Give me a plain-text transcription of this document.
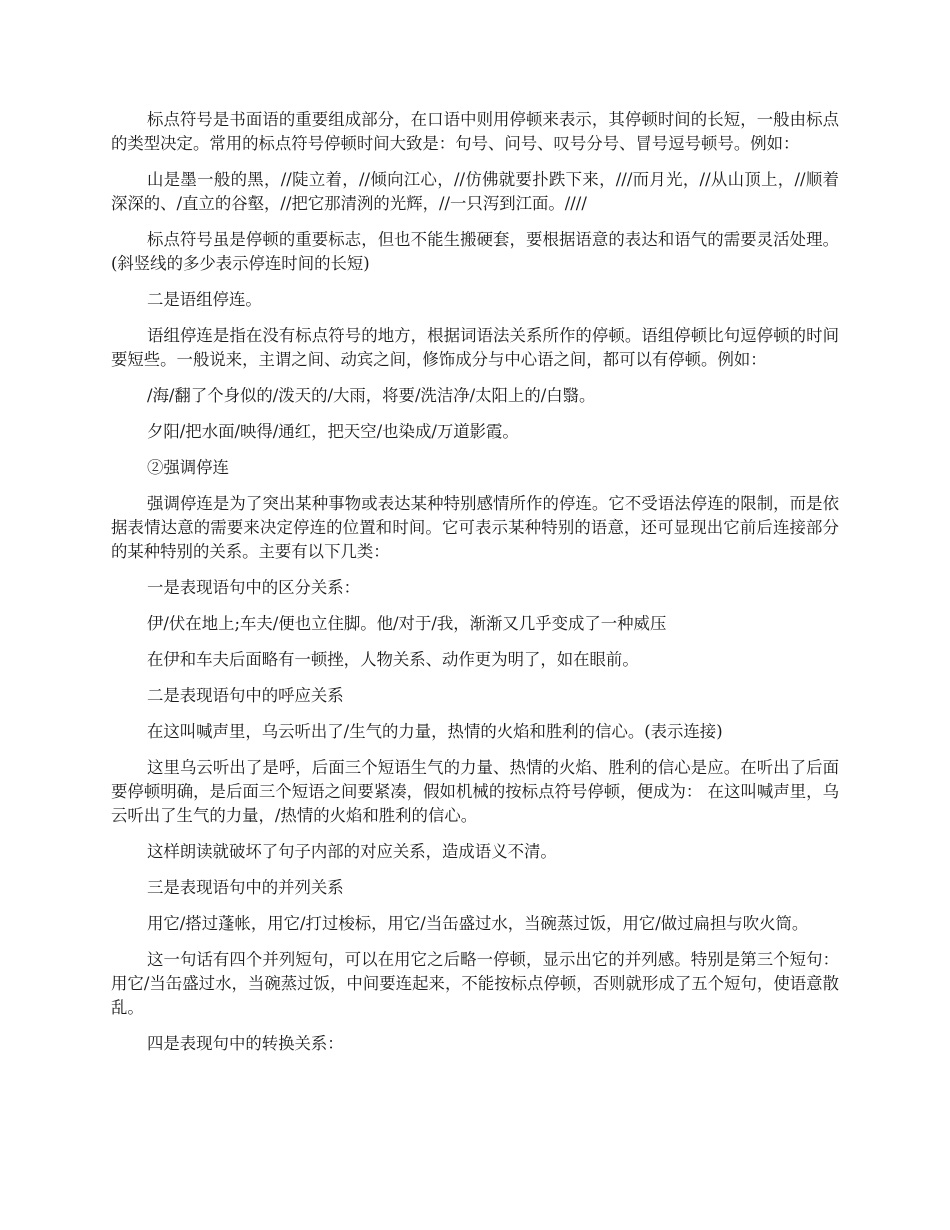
标点符号是书面语的重要组成部分，在口语中则用停顿来表示，其停顿时间的长短，一般由标点的类型决定。常用的标点符号停顿时间大致是：句号、问号、叹号分号、冒号逗号顿号。例如：

山是墨一般的黑，//陡立着，//倾向江心，//仿佛就要扑跌下来，///而月光，//从山顶上，//顺着深深的、/直立的谷壑，//把它那清洌的光辉，//一只泻到江面。////

标点符号虽是停顿的重要标志，但也不能生搬硬套，要根据语意的表达和语气的需要灵活处理。(斜竖线的多少表示停连时间的长短)

二是语组停连。

语组停连是指在没有标点符号的地方，根据词语法关系所作的停顿。语组停顿比句逗停顿的时间要短些。一般说来，主谓之间、动宾之间，修饰成分与中心语之间，都可以有停顿。例如：

/海/翻了个身似的/泼天的/大雨，将要/洗洁净/太阳上的/白翳。

夕阳/把水面/映得/通红，把天空/也染成/万道影霞。

②强调停连

强调停连是为了突出某种事物或表达某种特别感情所作的停连。它不受语法停连的限制，而是依据表情达意的需要来决定停连的位置和时间。它可表示某种特别的语意，还可显现出它前后连接部分的某种特别的关系。主要有以下几类：

一是表现语句中的区分关系：

伊/伏在地上;车夫/便也立住脚。他/对于/我，渐渐又几乎变成了一种威压

在伊和车夫后面略有一顿挫，人物关系、动作更为明了，如在眼前。

二是表现语句中的呼应关系

在这叫喊声里，乌云听出了/生气的力量，热情的火焰和胜利的信心。(表示连接)

这里乌云听出了是呼，后面三个短语生气的力量、热情的火焰、胜利的信心是应。在听出了后面要停顿明确，是后面三个短语之间要紧凑，假如机械的按标点符号停顿，便成为： 在这叫喊声里，乌云听出了生气的力量，/热情的火焰和胜利的信心。

这样朗读就破坏了句子内部的对应关系，造成语义不清。

三是表现语句中的并列关系

用它/搭过蓬帐，用它/打过梭标，用它/当缶盛过水，当碗蒸过饭，用它/做过扁担与吹火筒。

这一句话有四个并列短句，可以在用它之后略一停顿，显示出它的并列感。特别是第三个短句：用它/当缶盛过水，当碗蒸过饭，中间要连起来，不能按标点停顿，否则就形成了五个短句，使语意散乱。

四是表现句中的转换关系：
